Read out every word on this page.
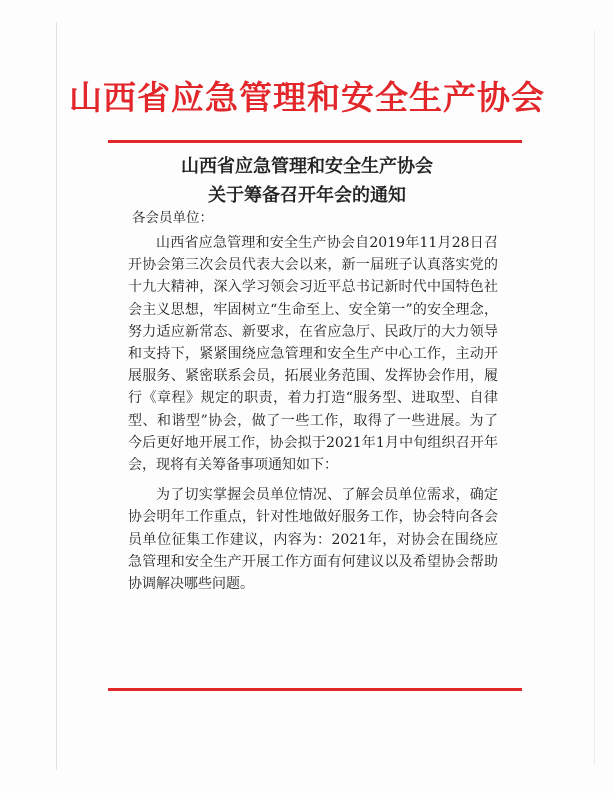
山西省应急管理和安全生产协会
山西省应急管理和安全生产协会
关于筹备召开年会的通知
各会员单位：

山西省应急管理和安全生产协会自2019年11月28日召开协会第三次会员代表大会以来，新一届班子认真落实党的十九大精神，深入学习领会习近平总书记新时代中国特色社会主义思想，牢固树立“生命至上、安全第一”的安全理念，努力适应新常态、新要求，在省应急厅、民政厅的大力领导和支持下，紧紧围绕应急管理和安全生产中心工作，主动开展服务、紧密联系会员，拓展业务范围、发挥协会作用，履行《章程》规定的职责，着力打造“服务型、进取型、自律型、和谐型”协会，做了一些工作，取得了一些进展。为了今后更好地开展工作，协会拟于2021年1月中旬组织召开年会，现将有关筹备事项通知如下：

为了切实掌握会员单位情况、了解会员单位需求，确定协会明年工作重点，针对性地做好服务工作，协会特向各会员单位征集工作建议，内容为：2021年，对协会在围绕应急管理和安全生产开展工作方面有何建议以及希望协会帮助协调解决哪些问题。
